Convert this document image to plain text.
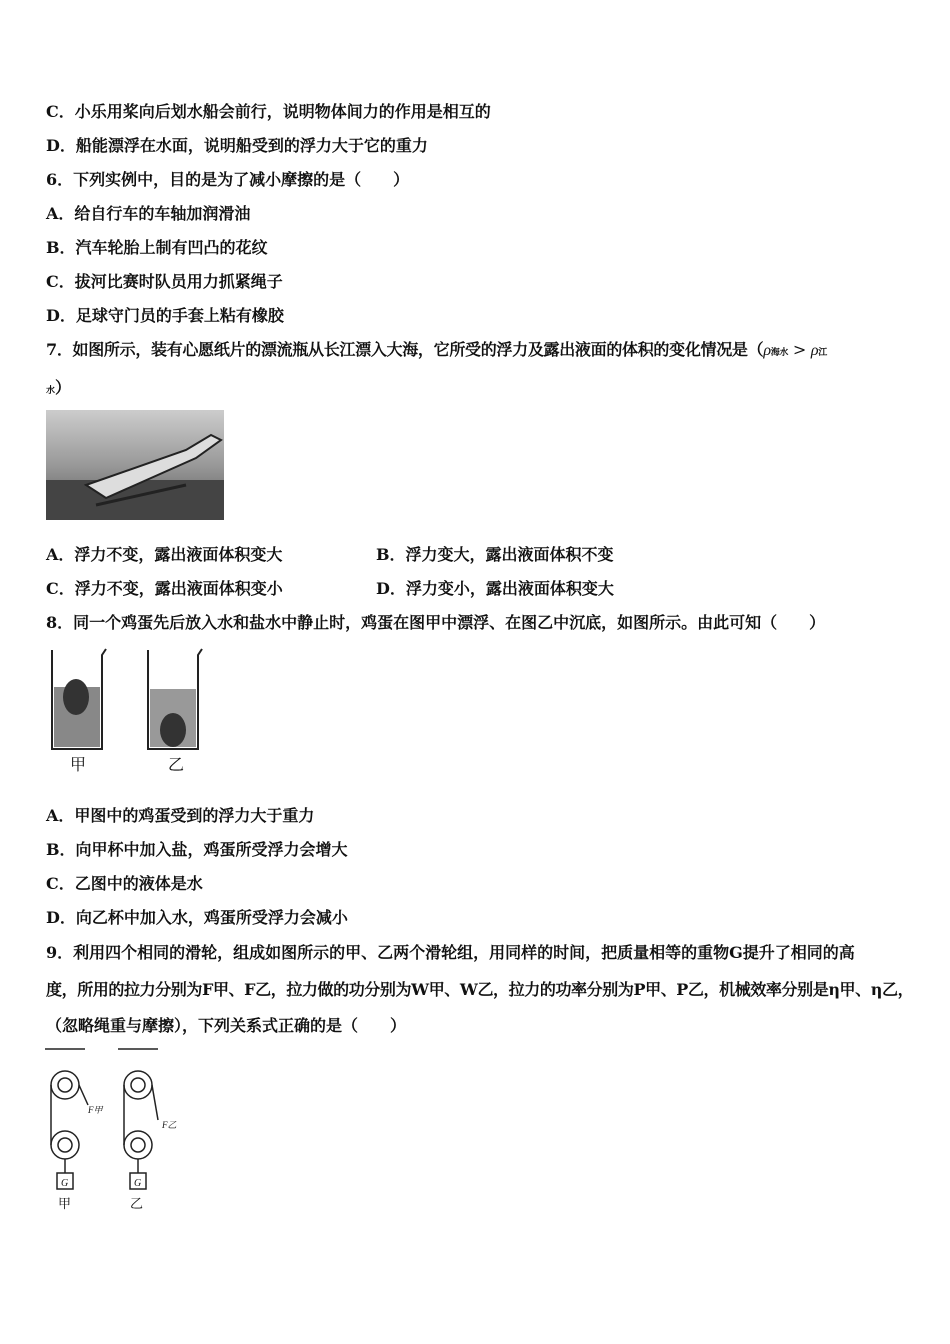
C．小乐用桨向后划水船会前行，说明物体间力的作用是相互的
D．船能漂浮在水面，说明船受到的浮力大于它的重力
6．下列实例中，目的是为了减小摩擦的是（　　）
A．给自行车的车轴加润滑油
B．汽车轮胎上制有凹凸的花纹
C．拔河比赛时队员用力抓紧绳子
D．足球守门员的手套上粘有橡胶
7．如图所示，装有心愿纸片的漂流瓶从长江漂入大海，它所受的浮力及露出液面的体积的变化情况是（ρ海水 > ρ江
水）
A．浮力不变，露出液面体积变大	B．浮力变大，露出液面体积不变
C．浮力不变，露出液面体积变小	D．浮力变小，露出液面体积变大
8．同一个鸡蛋先后放入水和盐水中静止时，鸡蛋在图甲中漂浮、在图乙中沉底，如图所示。由此可知（　　）
甲	乙
A．甲图中的鸡蛋受到的浮力大于重力
B．向甲杯中加入盐，鸡蛋所受浮力会增大
C．乙图中的液体是水
D．向乙杯中加入水，鸡蛋所受浮力会减小
9．利用四个相同的滑轮，组成如图所示的甲、乙两个滑轮组，用同样的时间，把质量相等的重物G提升了相同的高
度，所用的拉力分别为F甲、F乙，拉力做的功分别为W甲、W乙，拉力的功率分别为P甲、P乙，机械效率分别是η甲、η乙，
（忽略绳重与摩擦），下列关系式正确的是（　　）
G	G
F甲
F乙
甲	乙
